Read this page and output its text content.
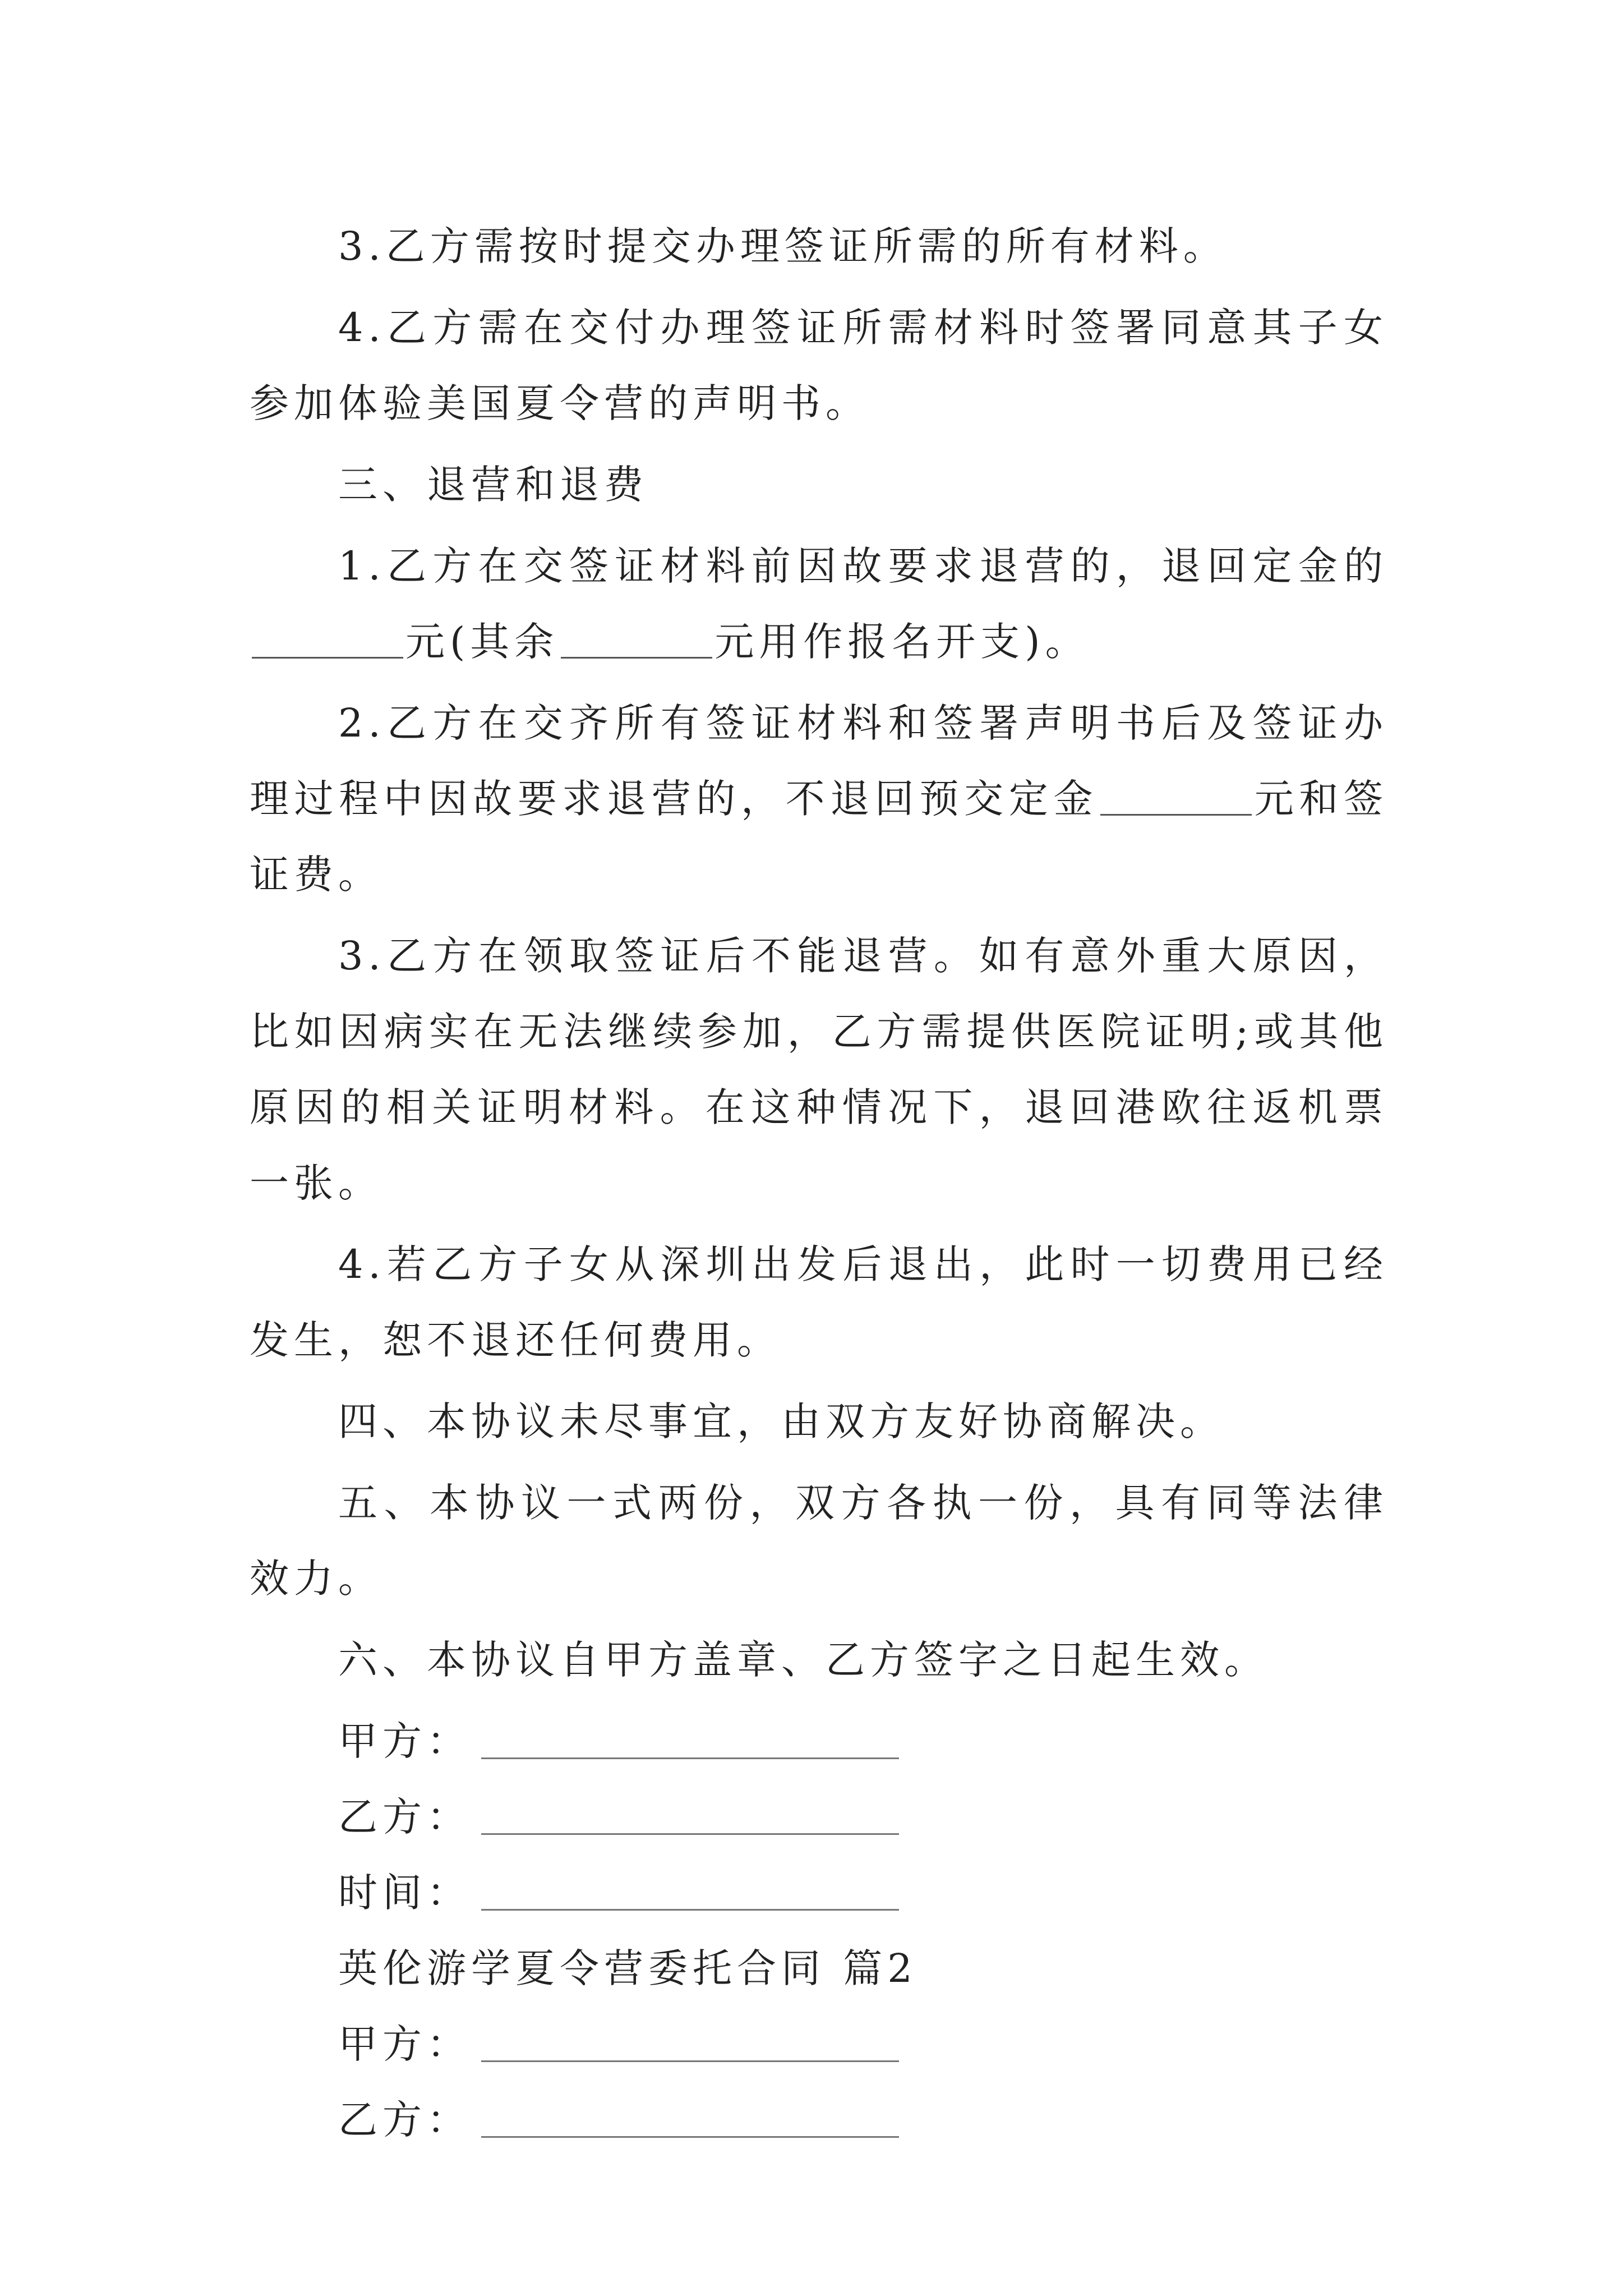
3.乙方需按时提交办理签证所需的所有材料。

4.乙方需在交付办理签证所需材料时签署同意其子女参加体验美国夏令营的声明书。

三、退营和退费

1.乙方在交签证材料前因故要求退营的，退回定金的元(其余	元用作报名开支)。

2.乙方在交齐所有签证材料和签署声明书后及签证办理过程中因故要求退营的，不退回预交定金	元和签证费。

3.乙方在领取签证后不能退营。如有意外重大原因，比如因病实在无法继续参加，乙方需提供医院证明;或其他原因的相关证明材料。在这种情况下，退回港欧往返机票一张。

4.若乙方子女从深圳出发后退出，此时一切费用已经发生，恕不退还任何费用。

四、本协议未尽事宜，由双方友好协商解决。

五、本协议一式两份，双方各执一份，具有同等法律效力。

六、本协议自甲方盖章、乙方签字之日起生效。

甲方：

乙方：

时间：

英伦游学夏令营委托合同 篇2

甲方：

乙方：
